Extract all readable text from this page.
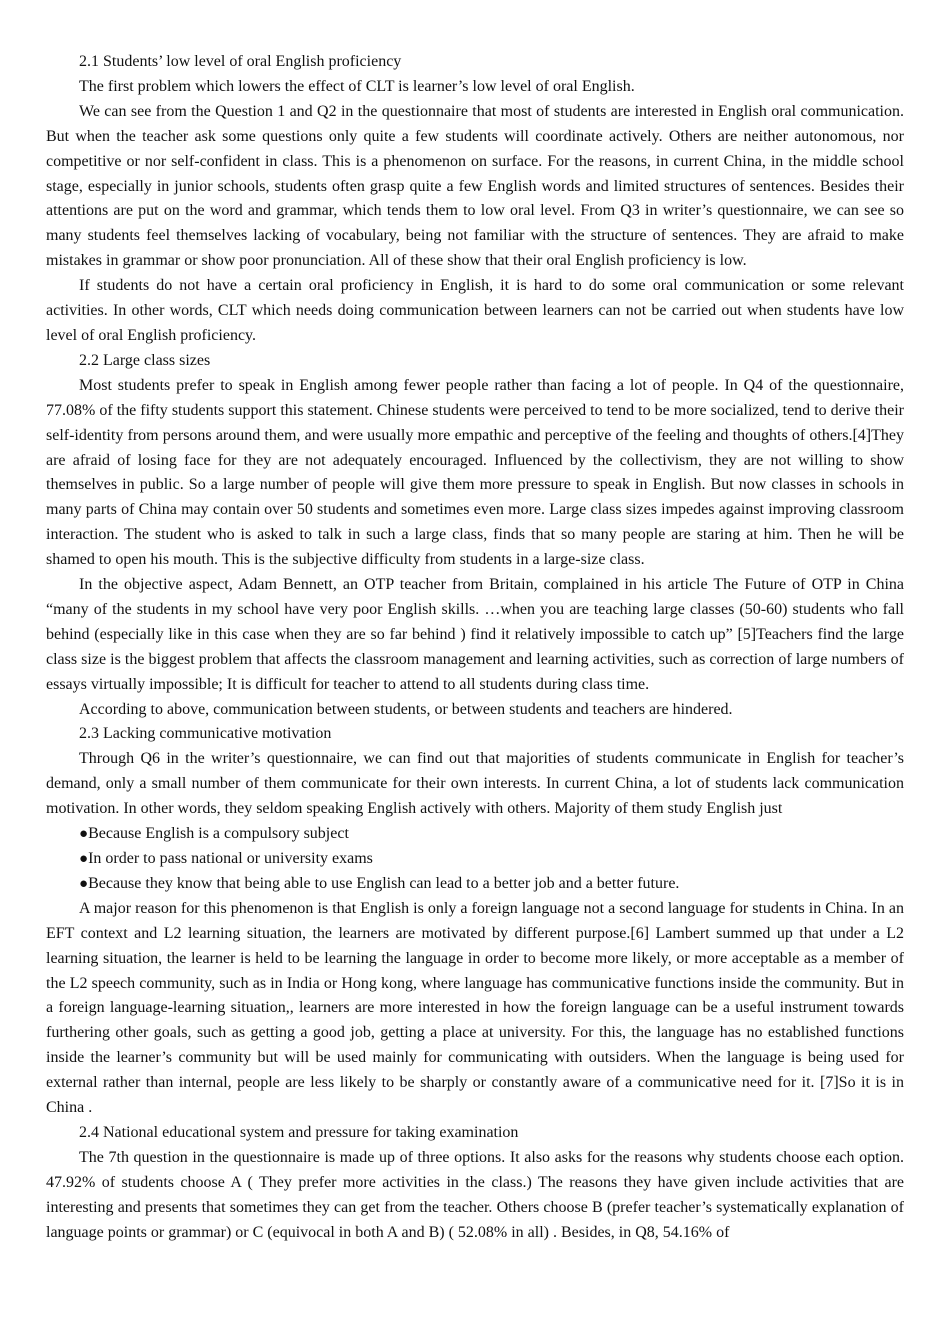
2.1 Students’ low level of oral English proficiency

The first problem which lowers the effect of CLT is learner’s low level of oral English.

We can see from the Question 1 and Q2 in the questionnaire that most of students are interested in English oral communication. But when the teacher ask some questions only quite a few students will coordinate actively. Others are neither autonomous, nor competitive or nor self-confident in class. This is a phenomenon on surface. For the reasons, in current China, in the middle school stage, especially in junior schools, students often grasp quite a few English words and limited structures of sentences. Besides their attentions are put on the word and grammar, which tends them to low oral level. From Q3 in writer’s questionnaire, we can see so many students feel themselves lacking of vocabulary, being not familiar with the structure of sentences. They are afraid to make mistakes in grammar or show poor pronunciation. All of these show that their oral English proficiency is low.

If students do not have a certain oral proficiency in English, it is hard to do some oral communication or some relevant activities. In other words, CLT which needs doing communication between learners can not be carried out when students have low level of oral English proficiency.

2.2 Large class sizes

Most students prefer to speak in English among fewer people rather than facing a lot of people. In Q4 of the questionnaire, 77.08% of the fifty students support this statement. Chinese students were perceived to tend to be more socialized, tend to derive their self-identity from persons around them, and were usually more empathic and perceptive of the feeling and thoughts of others.[4]They are afraid of losing face for they are not adequately encouraged. Influenced by the collectivism, they are not willing to show themselves in public. So a large number of people will give them more pressure to speak in English. But now classes in schools in many parts of China may contain over 50 students and sometimes even more. Large class sizes impedes against improving classroom interaction. The student who is asked to talk in such a large class, finds that so many people are staring at him. Then he will be shamed to open his mouth. This is the subjective difficulty from students in a large-size class.

In the objective aspect, Adam Bennett, an OTP teacher from Britain, complained in his article The Future of OTP in China “many of the students in my school have very poor English skills. …when you are teaching large classes (50-60) students who fall behind (especially like in this case when they are so far behind ) find it relatively impossible to catch up” [5]Teachers find the large class size is the biggest problem that affects the classroom management and learning activities, such as correction of large numbers of essays virtually impossible; It is difficult for teacher to attend to all students during class time.

According to above, communication between students, or between students and teachers are hindered.

2.3 Lacking communicative motivation

Through Q6 in the writer’s questionnaire, we can find out that majorities of students communicate in English for teacher’s demand, only a small number of them communicate for their own interests. In current China, a lot of students lack communication motivation. In other words, they seldom speaking English actively with others. Majority of them study English just

●Because English is a compulsory subject

●In order to pass national or university exams

●Because they know that being able to use English can lead to a better job and a better future.

A major reason for this phenomenon is that English is only a foreign language not a second language for students in China. In an EFT context and L2 learning situation, the learners are motivated by different purpose.[6] Lambert summed up that under a L2 learning situation, the learner is held to be learning the language in order to become more likely, or more acceptable as a member of the L2 speech community, such as in India or Hong kong, where language has communicative functions inside the community. But in a foreign language-learning situation,, learners are more interested in how the foreign language can be a useful instrument towards furthering other goals, such as getting a good job, getting a place at university. For this, the language has no established functions inside the learner’s community but will be used mainly for communicating with outsiders. When the language is being used for external rather than internal, people are less likely to be sharply or constantly aware of a communicative need for it. [7]So it is in China .

2.4 National educational system and pressure for taking examination

The 7th question in the questionnaire is made up of three options. It also asks for the reasons why students choose each option. 47.92% of students choose A ( They prefer more activities in the class.) The reasons they have given include activities that are interesting and presents that sometimes they can get from the teacher. Others choose B (prefer teacher’s systematically explanation of language points or grammar) or C (equivocal in both A and B) ( 52.08% in all) . Besides, in Q8, 54.16% of
